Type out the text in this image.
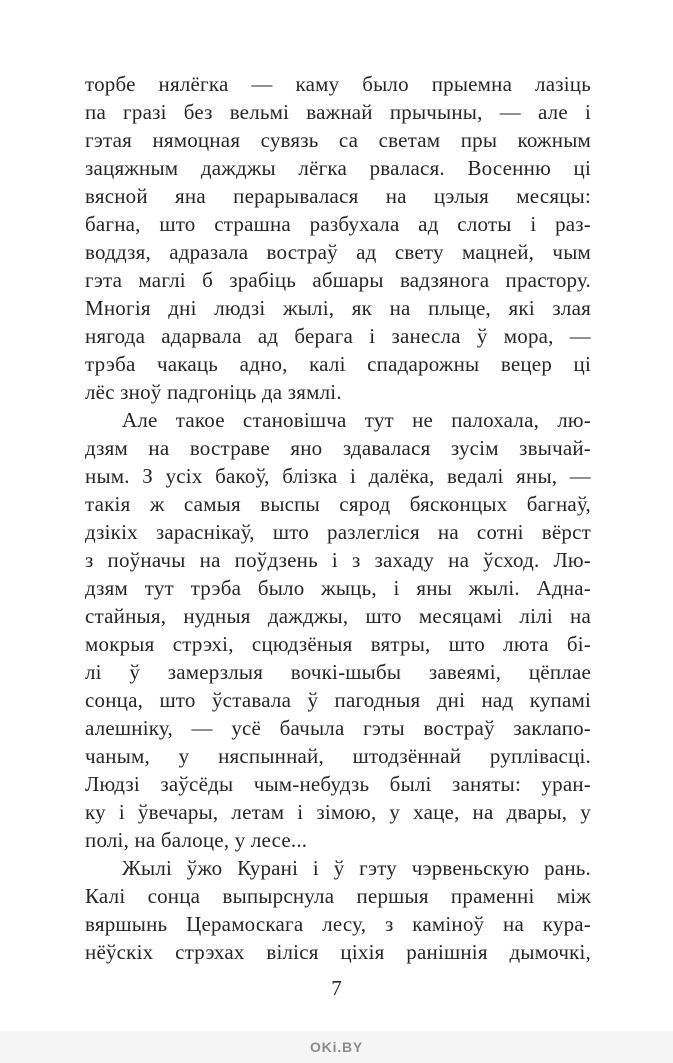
торбе нялёгка — каму было прыемна лазіць
па гразі без вельмі важнай прычыны, — але і
гэтая нямоцная сувязь са светам пры кожным
зацяжным дажджы лёгка рвалася. Восенню ці
вясной яна перарывалася на цэлыя месяцы:
багна, што страшна разбухала ад слоты і раз-
воддзя, адразала востраў ад свету мацней, чым
гэта маглі б зрабіць абшары вадзянога прастору.
Многія дні людзі жылі, як на плыце, які злая
нягода адарвала ад берага і занесла ў мора, —
трэба чакаць адно, калі спадарожны вецер ці
лёс зноў падгоніць да зямлі.
Але такое становішча тут не палохала, лю-
дзям на востраве яно здавалася зусім звычай-
ным. З усіх бакоў, блізка і далёка, ведалі яны, —
такія ж самыя выспы сярод бясконцых багнаў,
дзікіх зараснікаў, што разлегліся на сотні вёрст
з поўначы на поўдзень і з захаду на ўсход. Лю-
дзям тут трэба было жыць, і яны жылі. Адна-
стайныя, нудныя дажджы, што месяцамі лілі на
мокрыя стрэхі, сцюдзёныя вятры, што люта бі-
лі ў замерзлыя вочкі-шыбы завеямі, цёплае
сонца, што ўставала ў пагодныя дні над купамі
алешніку, — усё бачыла гэты востраў заклапо-
чаным, у няспыннай, штодзённай руплівасці.
Людзі заўсёды чым-небудзь былі заняты: уран-
ку і ўвечары, летам і зімою, у хаце, на двары, у
полі, на балоце, у лесе...
Жылі ўжо Курані і ў гэту чэрвеньскую рань.
Калі сонца выпырснула першыя праменні між
вяршынь Церамоскага лесу, з каміноў на кура-
нёўскіх стрэхах віліся ціхія ранішнія дымочкі,
7
OKi.BY
